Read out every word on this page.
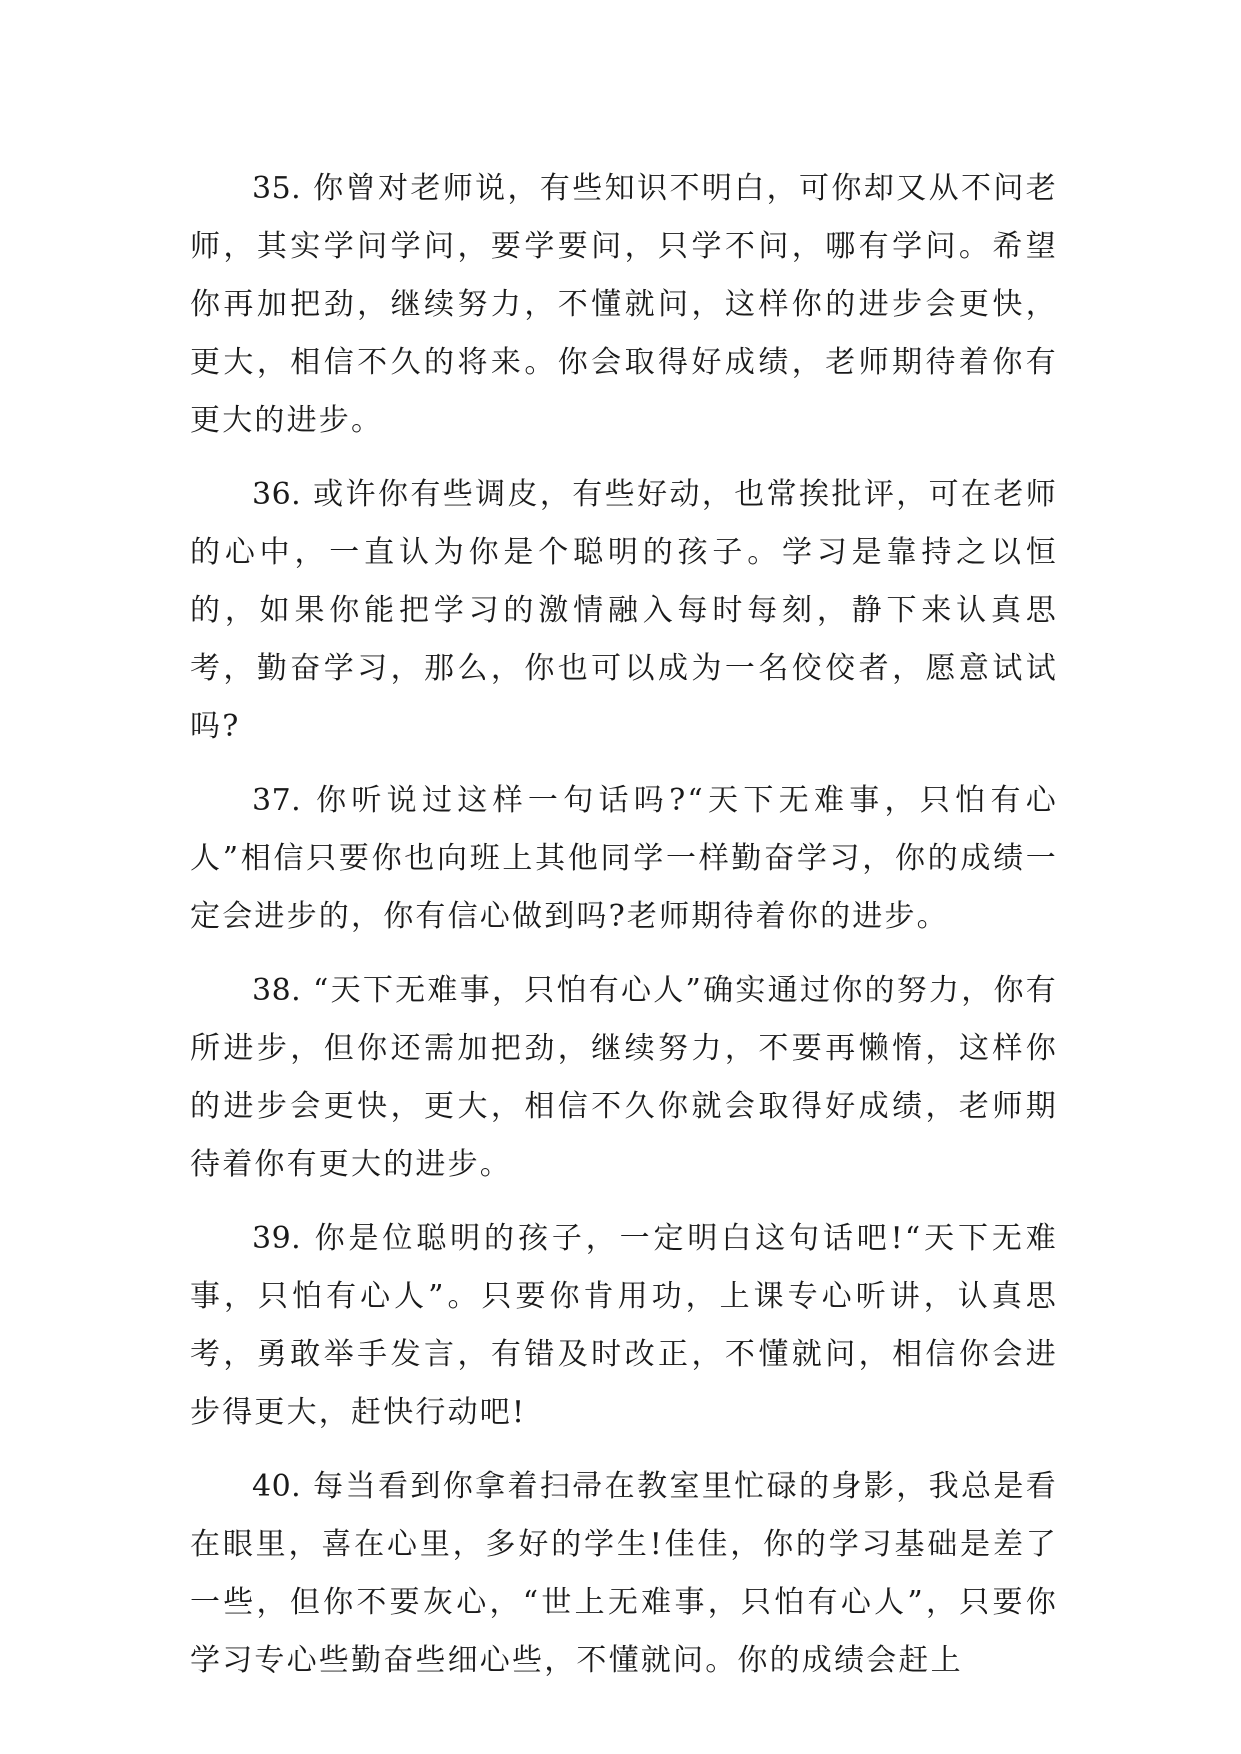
35. 你曾对老师说，有些知识不明白，可你却又从不问老师，其实学问学问，要学要问，只学不问，哪有学问。希望你再加把劲，继续努力，不懂就问，这样你的进步会更快，更大，相信不久的将来。你会取得好成绩，老师期待着你有更大的进步。

36. 或许你有些调皮，有些好动，也常挨批评，可在老师的心中，一直认为你是个聪明的孩子。学习是靠持之以恒的，如果你能把学习的激情融入每时每刻，静下来认真思考，勤奋学习，那么，你也可以成为一名佼佼者，愿意试试吗?

37. 你听说过这样一句话吗?“天下无难事，只怕有心人”相信只要你也向班上其他同学一样勤奋学习，你的成绩一定会进步的，你有信心做到吗?老师期待着你的进步。

38. “天下无难事，只怕有心人”确实通过你的努力，你有所进步，但你还需加把劲，继续努力，不要再懒惰，这样你的进步会更快，更大，相信不久你就会取得好成绩，老师期待着你有更大的进步。

39. 你是位聪明的孩子，一定明白这句话吧!“天下无难事，只怕有心人”。只要你肯用功，上课专心听讲，认真思考，勇敢举手发言，有错及时改正，不懂就问，相信你会进步得更大，赶快行动吧!

40. 每当看到你拿着扫帚在教室里忙碌的身影，我总是看在眼里，喜在心里，多好的学生!佳佳，你的学习基础是差了一些，但你不要灰心，“世上无难事，只怕有心人”，只要你学习专心些勤奋些细心些，不懂就问。你的成绩会赶上
